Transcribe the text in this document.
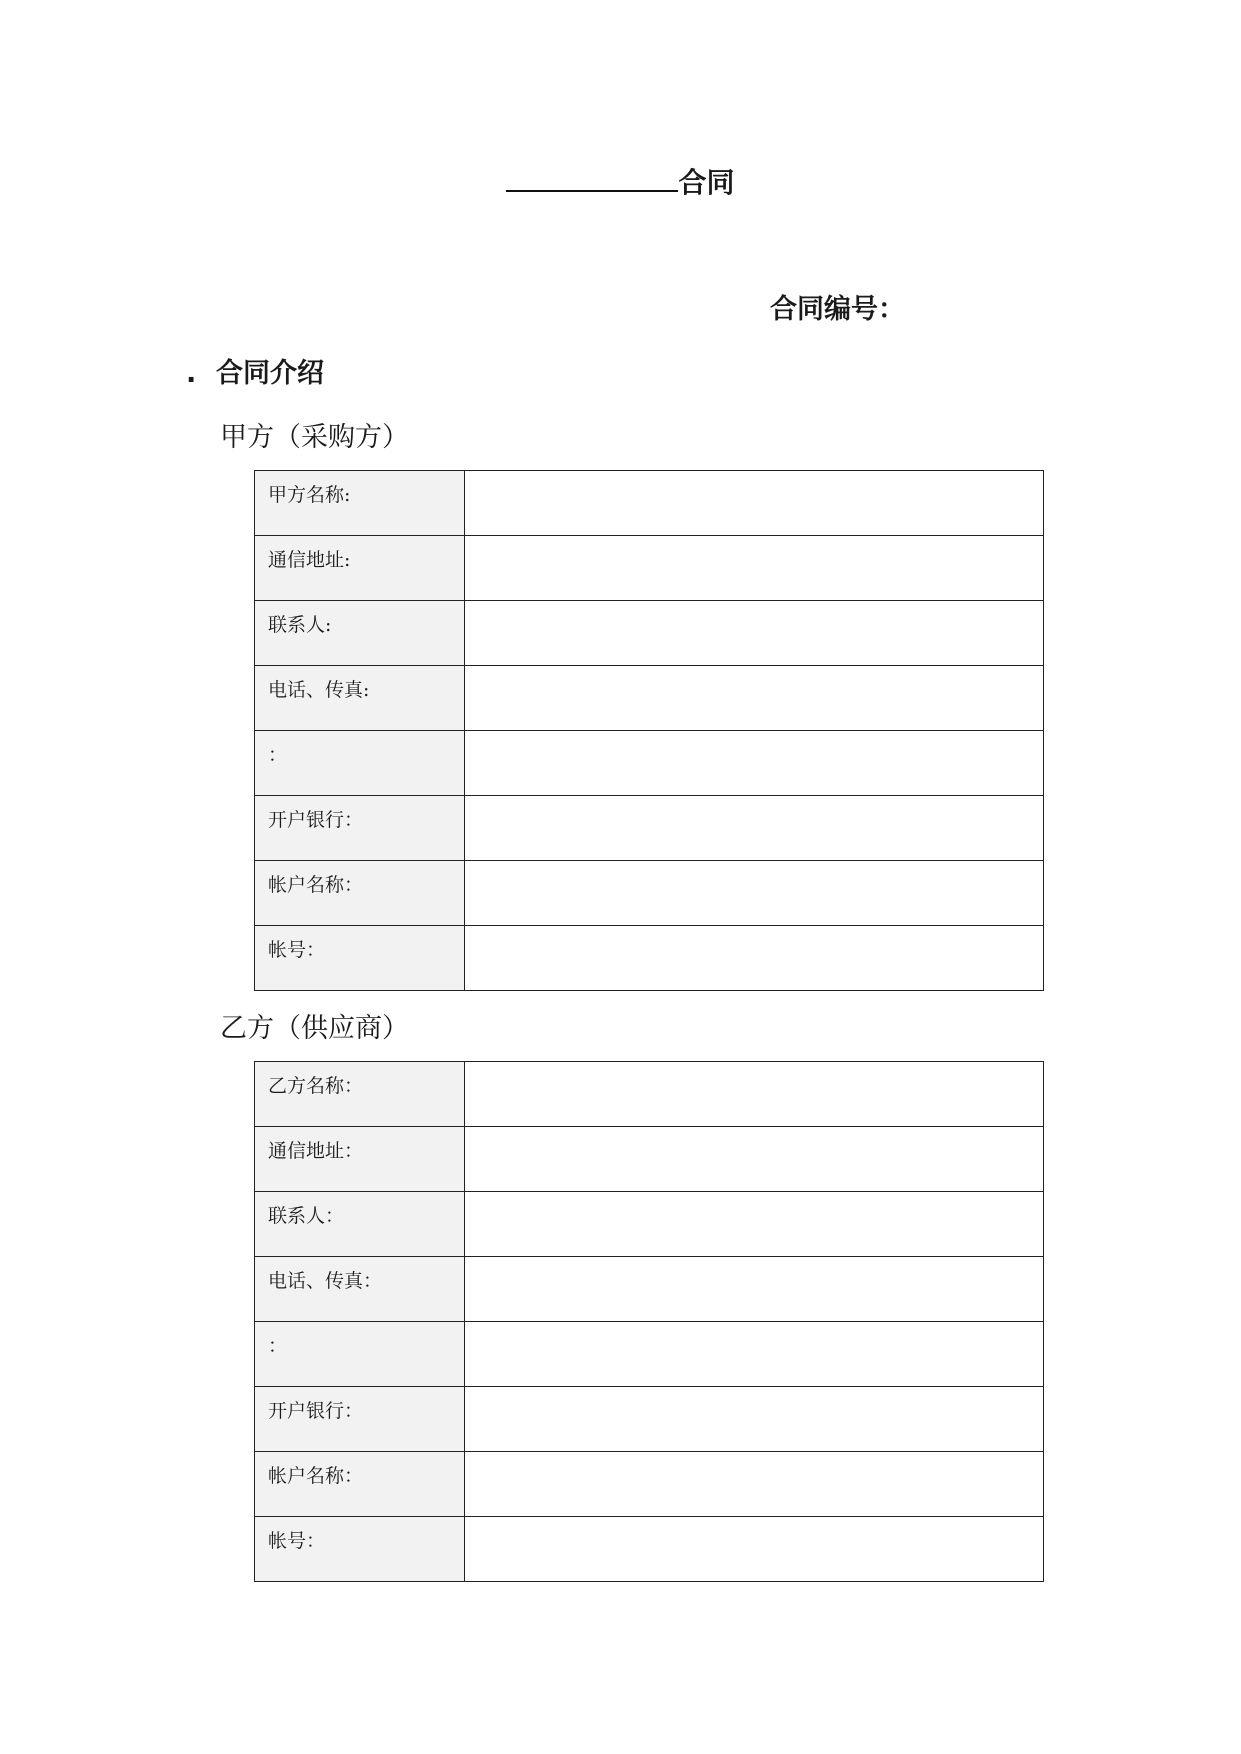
合同
合同编号：
. 合同介绍
甲方（采购方）
甲方名称:	
通信地址:	
联系人:	
电话、传真:	
：	
开户银行：	
帐户名称：	
帐号：	
乙方（供应商）
乙方名称：	
通信地址：	
联系人：	
电话、传真：	
：	
开户银行：	
帐户名称：	
帐号：	
